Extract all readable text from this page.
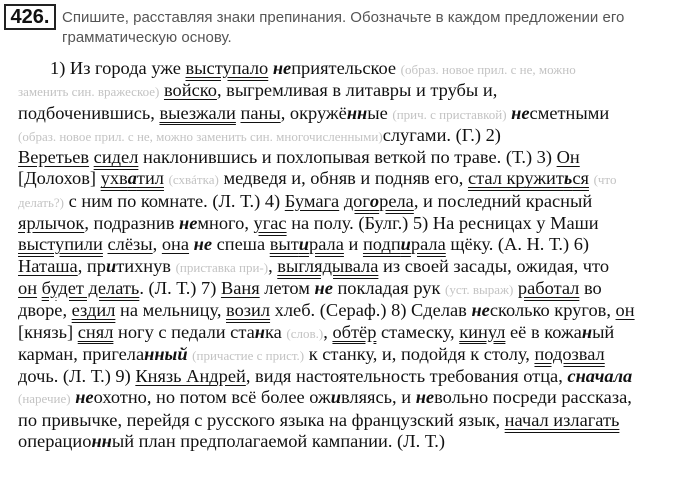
426. Спишите, расставляя знаки препинания. Обозначьте в каждом предложении его грамматическую основу.
1) Из города уже выступало неприятельское (образ. новое прил. с не, можно
заменить син. вражеское) войско, выгремливая в литавры и трубы и,
подбоченившись, выезжали паны, окружённые (прич. с приставкой) несметными
(образ. новое прил. с не, можно заменить син. многочисленными)слугами. (Г.) 2)
Веретьев сидел наклонившись и похлопывая веткой по траве. (Т.) 3) Он
[Долохов] ухватил (схвáтка) медведя и, обняв и подняв его, стал кружиться (что
делать?) с ним по комнате. (Л. Т.) 4) Бумага догорела, и последний красный
ярлычок, подразнив немного, угас на полу. (Булг.) 5) На ресницах у Маши
выступили слёзы, она не спеша вытирала и подпирала щёку. (А. Н. Т.) 6)
Наташа, притихнув (приставка при-), выглядывала из своей засады, ожидая, что
он будет делать. (Л. Т.) 7) Ваня летом не покладая рук (уст. выраж) работал во
дворе, ездил на мельницу, возил хлеб. (Сераф.) 8) Сделав несколько кругов, он
[князь] снял ногу с педали станка (слов.), обтёр стамеску, кинул её в кожаный
карман, пригеланный (причастие с прист.) к станку, и, подойдя к столу, подозвал
дочь. (Л. Т.) 9) Князь Андрей, видя настоятельность требования отца, сначала
(наречие) неохотно, но потом всё более оживляясь, и невольно посреди рассказа,
по привычке, перейдя с русского языка на французский язык, начал излагать
операционный план предполагаемой кампании. (Л. Т.)
